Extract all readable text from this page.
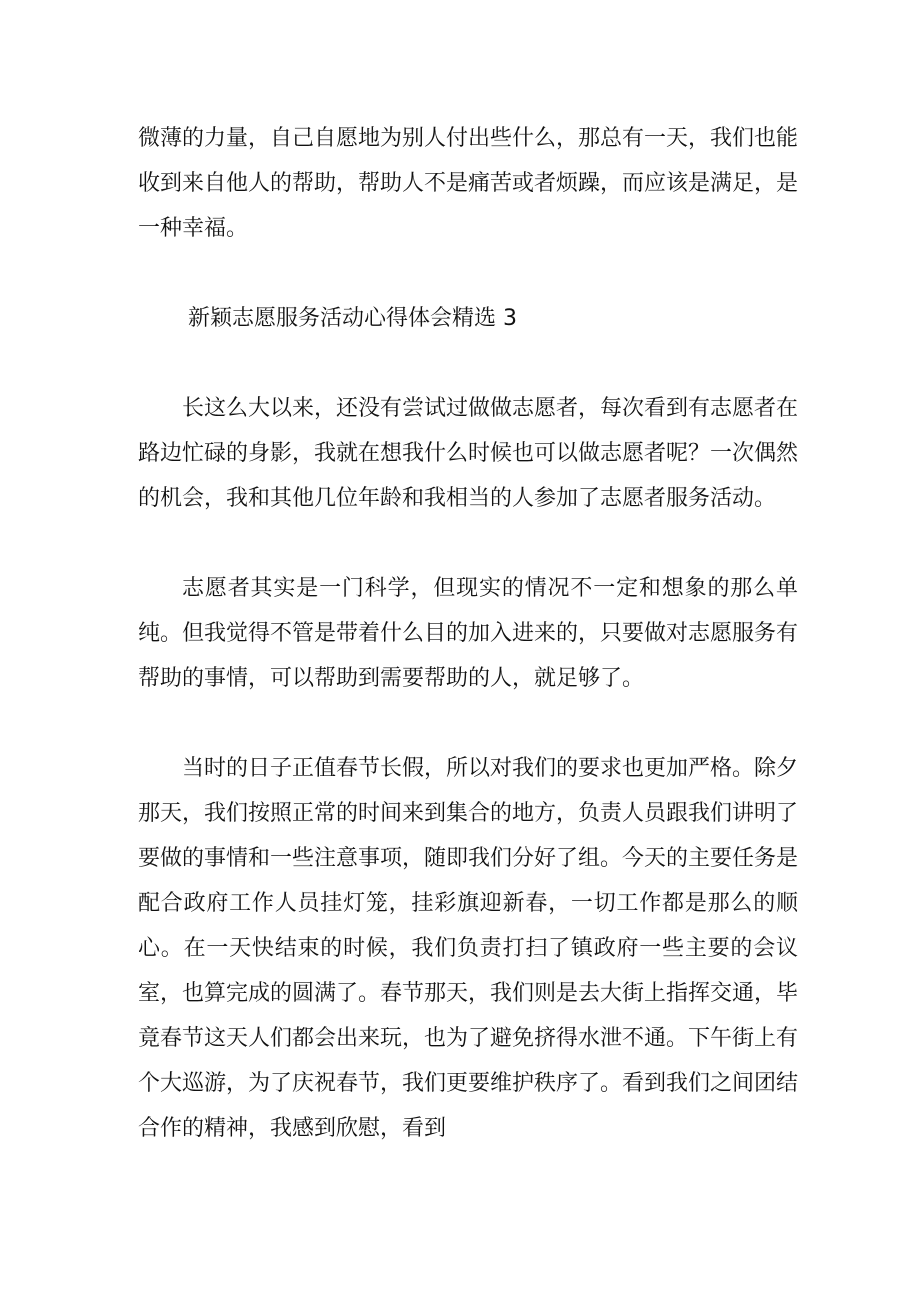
微薄的力量，自己自愿地为别人付出些什么，那总有一天，我们也能收到来自他人的帮助，帮助人不是痛苦或者烦躁，而应该是满足，是一种幸福。

新颖志愿服务活动心得体会精选 3

长这么大以来，还没有尝试过做做志愿者，每次看到有志愿者在路边忙碌的身影，我就在想我什么时候也可以做志愿者呢？一次偶然的机会，我和其他几位年龄和我相当的人参加了志愿者服务活动。

志愿者其实是一门科学，但现实的情况不一定和想象的那么单纯。但我觉得不管是带着什么目的加入进来的，只要做对志愿服务有帮助的事情，可以帮助到需要帮助的人，就足够了。

当时的日子正值春节长假，所以对我们的要求也更加严格。除夕那天，我们按照正常的时间来到集合的地方，负责人员跟我们讲明了要做的事情和一些注意事项，随即我们分好了组。今天的主要任务是配合政府工作人员挂灯笼，挂彩旗迎新春，一切工作都是那么的顺心。在一天快结束的时候，我们负责打扫了镇政府一些主要的会议室，也算完成的圆满了。春节那天，我们则是去大街上指挥交通，毕竟春节这天人们都会出来玩，也为了避免挤得水泄不通。下午街上有个大巡游，为了庆祝春节，我们更要维护秩序了。看到我们之间团结合作的精神，我感到欣慰，看到
